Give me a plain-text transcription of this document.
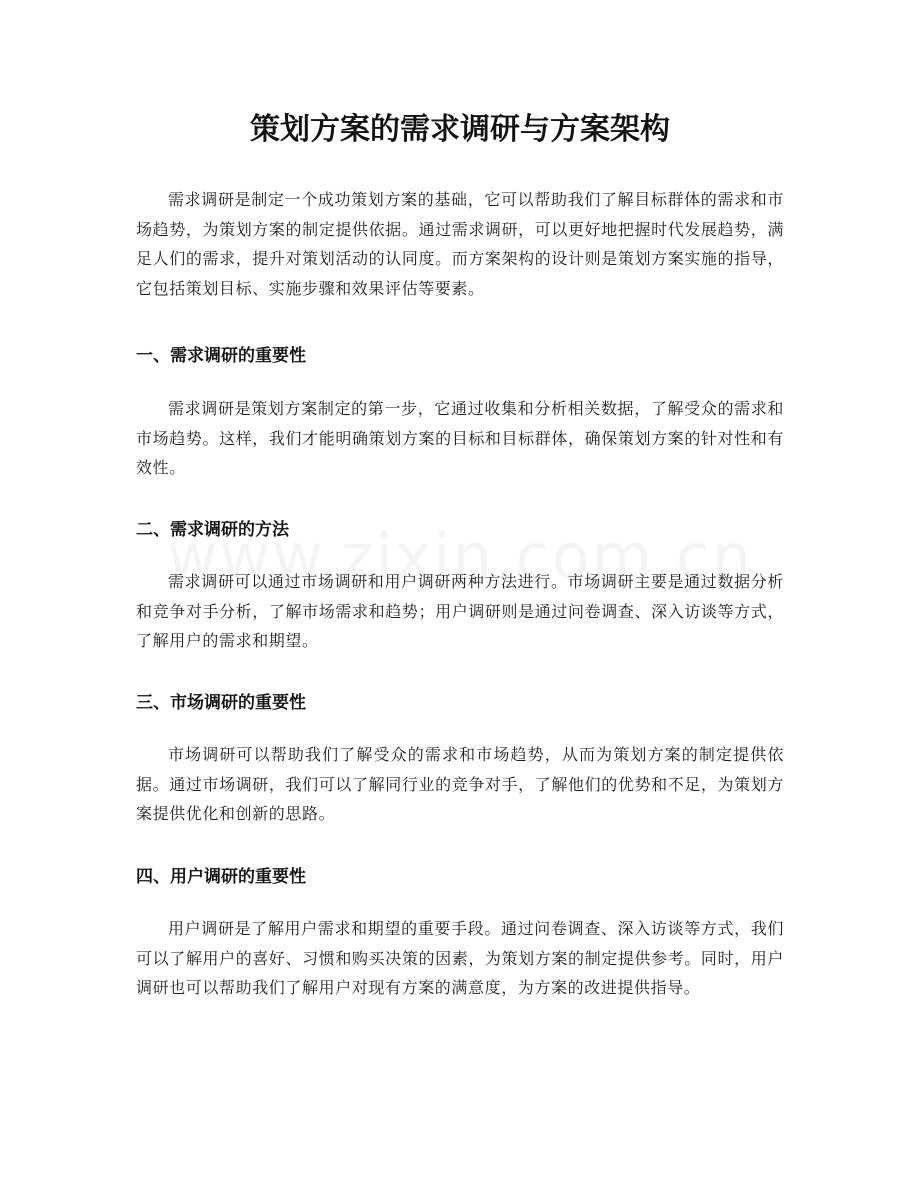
策划方案的需求调研与方案架构

需求调研是制定一个成功策划方案的基础，它可以帮助我们了解目标群体的需求和市场趋势，为策划方案的制定提供依据。通过需求调研，可以更好地把握时代发展趋势，满足人们的需求，提升对策划活动的认同度。而方案架构的设计则是策划方案实施的指导，它包括策划目标、实施步骤和效果评估等要素。

一、需求调研的重要性

需求调研是策划方案制定的第一步，它通过收集和分析相关数据，了解受众的需求和市场趋势。这样，我们才能明确策划方案的目标和目标群体，确保策划方案的针对性和有效性。

二、需求调研的方法

需求调研可以通过市场调研和用户调研两种方法进行。市场调研主要是通过数据分析和竞争对手分析，了解市场需求和趋势；用户调研则是通过问卷调查、深入访谈等方式，了解用户的需求和期望。

三、市场调研的重要性

市场调研可以帮助我们了解受众的需求和市场趋势，从而为策划方案的制定提供依据。通过市场调研，我们可以了解同行业的竞争对手，了解他们的优势和不足，为策划方案提供优化和创新的思路。

四、用户调研的重要性

用户调研是了解用户需求和期望的重要手段。通过问卷调查、深入访谈等方式，我们可以了解用户的喜好、习惯和购买决策的因素，为策划方案的制定提供参考。同时，用户调研也可以帮助我们了解用户对现有方案的满意度，为方案的改进提供指导。
